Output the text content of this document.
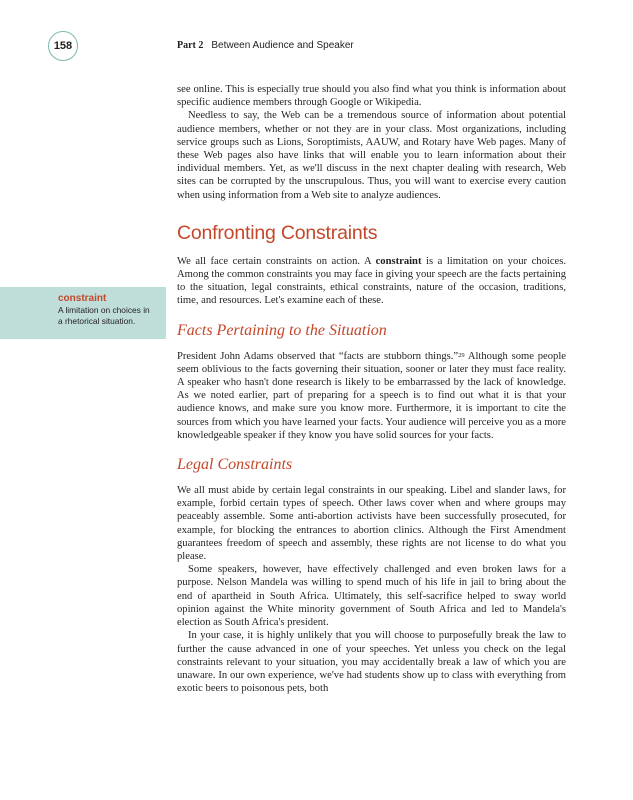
158	Part 2 Between Audience and Speaker
constraint
A limitation on choices in a rhetorical situation.

see online. This is especially true should you also find what you think is information about specific audience members through Google or Wikipedia.

Needless to say, the Web can be a tremendous source of information about potential audience members, whether or not they are in your class. Most organizations, including service groups such as Lions, Soroptimists, AAUW, and Rotary have Web pages. Many of these Web pages also have links that will enable you to learn information about their individual members. Yet, as we'll discuss in the next chapter dealing with research, Web sites can be corrupted by the unscrupulous. Thus, you will want to exercise every caution when using information from a Web site to analyze audiences.

Confronting Constraints

We all face certain constraints on action. A constraint is a limitation on your choices. Among the common constraints you may face in giving your speech are the facts pertaining to the situation, legal constraints, ethical constraints, nature of the occasion, traditions, time, and resources. Let's examine each of these.

Facts Pertaining to the Situation

President John Adams observed that “facts are stubborn things.”$^{29}$ Although some people seem oblivious to the facts governing their situation, sooner or later they must face reality. A speaker who hasn't done research is likely to be embarrassed by the lack of knowledge. As we noted earlier, part of preparing for a speech is to find out what it is that your audience knows, and make sure you know more. Furthermore, it is important to cite the sources from which you have learned your facts. Your audience will perceive you as a more knowledgeable speaker if they know you have solid sources for your facts.

Legal Constraints

We all must abide by certain legal constraints in our speaking. Libel and slander laws, for example, forbid certain types of speech. Other laws cover when and where groups may peaceably assemble. Some anti-abortion activists have been successfully prosecuted, for example, for blocking the entrances to abortion clinics. Although the First Amendment guarantees freedom of speech and assembly, these rights are not license to do what you please.

Some speakers, however, have effectively challenged and even broken laws for a purpose. Nelson Mandela was willing to spend much of his life in jail to bring about the end of apartheid in South Africa. Ultimately, this self-sacrifice helped to sway world opinion against the White minority government of South Africa and led to Mandela's election as South Africa's president.

In your case, it is highly unlikely that you will choose to purposefully break the law to further the cause advanced in one of your speeches. Yet unless you check on the legal constraints relevant to your situation, you may accidentally break a law of which you are unaware. In our own experience, we've had students show up to class with everything from exotic beers to poisonous pets, both
